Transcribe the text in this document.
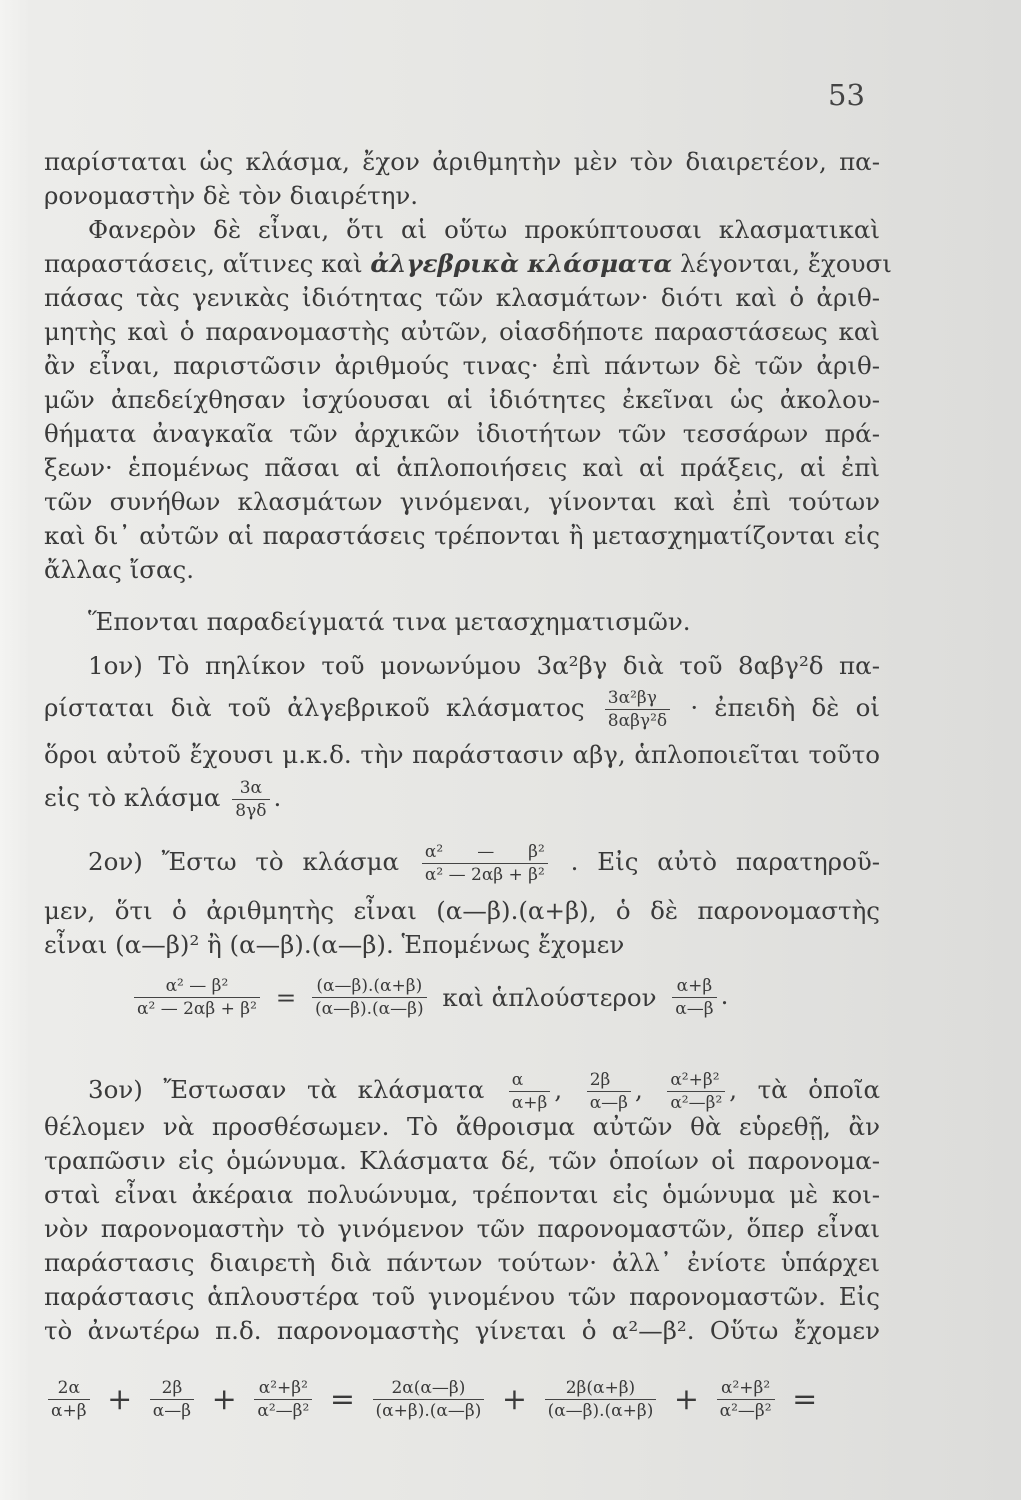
53
παρίσταται ὡς κλάσμα, ἔχον ἀριθμητὴν μὲν τὸν διαιρετέον, πα-
ρονομαστὴν δὲ τὸν διαιρέτην.
Φανερὸν δὲ εἶναι, ὅτι αἱ οὕτω προκύπτουσαι κλασματικαὶ
παραστάσεις, αἵτινες καὶ ἀλγεβρικὰ κλάσματα λέγονται, ἔχουσι
πάσας τὰς γενικὰς ἰδιότητας τῶν κλασμάτων· διότι καὶ ὁ ἀριθ-
μητὴς καὶ ὁ παρανομαστὴς αὐτῶν, οἱασδήποτε παραστάσεως καὶ
ἂν εἶναι, παριστῶσιν ἀριθμούς τινας· ἐπὶ πάντων δὲ τῶν ἀριθ-
μῶν ἀπεδείχθησαν ἰσχύουσαι αἱ ἰδιότητες ἐκεῖναι ὡς ἀκολου-
θήματα ἀναγκαῖα τῶν ἀρχικῶν ἰδιοτήτων τῶν τεσσάρων πρά-
ξεων· ἑπομένως πᾶσαι αἱ ἁπλοποιήσεις καὶ αἱ πράξεις, αἱ ἐπὶ
τῶν συνήθων κλασμάτων γινόμεναι, γίνονται καὶ ἐπὶ τούτων
καὶ δι᾽ αὐτῶν αἱ παραστάσεις τρέπονται ἢ μετασχηματίζονται εἰς
ἄλλας ἴσας.
Ἕπονται παραδείγματά τινα μετασχηματισμῶν.
1ον) Τὸ πηλίκον τοῦ μονωνύμου 3α²βγ διὰ τοῦ 8αβγ²δ πα-
ρίσταται διὰ τοῦ ἀλγεβρικοῦ κλάσματος $\frac{\text{3α²βγ}}{\text{8αβγ²δ}}$ · ἐπειδὴ δὲ οἱ
ὅροι αὐτοῦ ἔχουσι μ.κ.δ. τὴν παράστασιν αβγ, ἁπλοποιεῖται τοῦτο
εἰς τὸ κλάσμα $\frac{3\alpha}{8\gamma\delta}$ .
2ον) Ἔστω τὸ κλάσμα $\frac{\text{α² — β²}}{\text{α² — 2αβ + β²}}$ . Εἰς αὐτὸ παρατηροῦ-
μεν, ὅτι ὁ ἀριθμητὴς εἶναι (α—β).(α+β), ὁ δὲ παρονομαστὴς
εἶναι (α—β)² ἢ (α—β).(α—β). Ἑπομένως ἔχομεν
$\frac{\text{α² — β²}}{\text{α² — 2αβ + β²}} = \frac{(\alpha—\beta).(\alpha+\beta)}{(\alpha—\beta).(\alpha—\beta)}$ καὶ ἁπλούστερον $\frac{\alpha+\beta}{\alpha—\beta}$ .
3ον) Ἔστωσαν τὰ κλάσματα $\frac{\alpha}{\alpha+\beta}$ , $\frac{2\beta}{\alpha—\beta}$ , $\frac{\text{α²+β²}}{\text{α²—β²}}$ , τὰ ὁποῖα
θέλομεν νὰ προσθέσωμεν. Τὸ ἄθροισμα αὐτῶν θὰ εὑρεθῇ, ἂν
τραπῶσιν εἰς ὁμώνυμα. Κλάσματα δέ, τῶν ὁποίων οἱ παρονομα-
σταὶ εἶναι ἀκέραια πολυώνυμα, τρέπονται εἰς ὁμώνυμα μὲ κοι-
νὸν παρονομαστὴν τὸ γινόμενον τῶν παρονομαστῶν, ὅπερ εἶναι
παράστασις διαιρετὴ διὰ πάντων τούτων· ἀλλ᾽ ἐνίοτε ὑπάρχει
παράστασις ἁπλουστέρα τοῦ γινομένου τῶν παρονομαστῶν. Εἰς
τὸ ἀνωτέρω π.δ. παρονομαστὴς γίνεται ὁ α²—β². Οὕτω ἔχομεν
$\frac{2\alpha}{\alpha+\beta} + \frac{2\beta}{\alpha—\beta} + \frac{\text{α²+β²}}{\text{α²—β²}} = \frac{2\alpha(\alpha—\beta)}{(\alpha+\beta).(\alpha—\beta)} + \frac{2\beta(\alpha+\beta)}{(\alpha—\beta).(\alpha+\beta)} + \frac{\text{α²+β²}}{\text{α²—β²}}$ =
